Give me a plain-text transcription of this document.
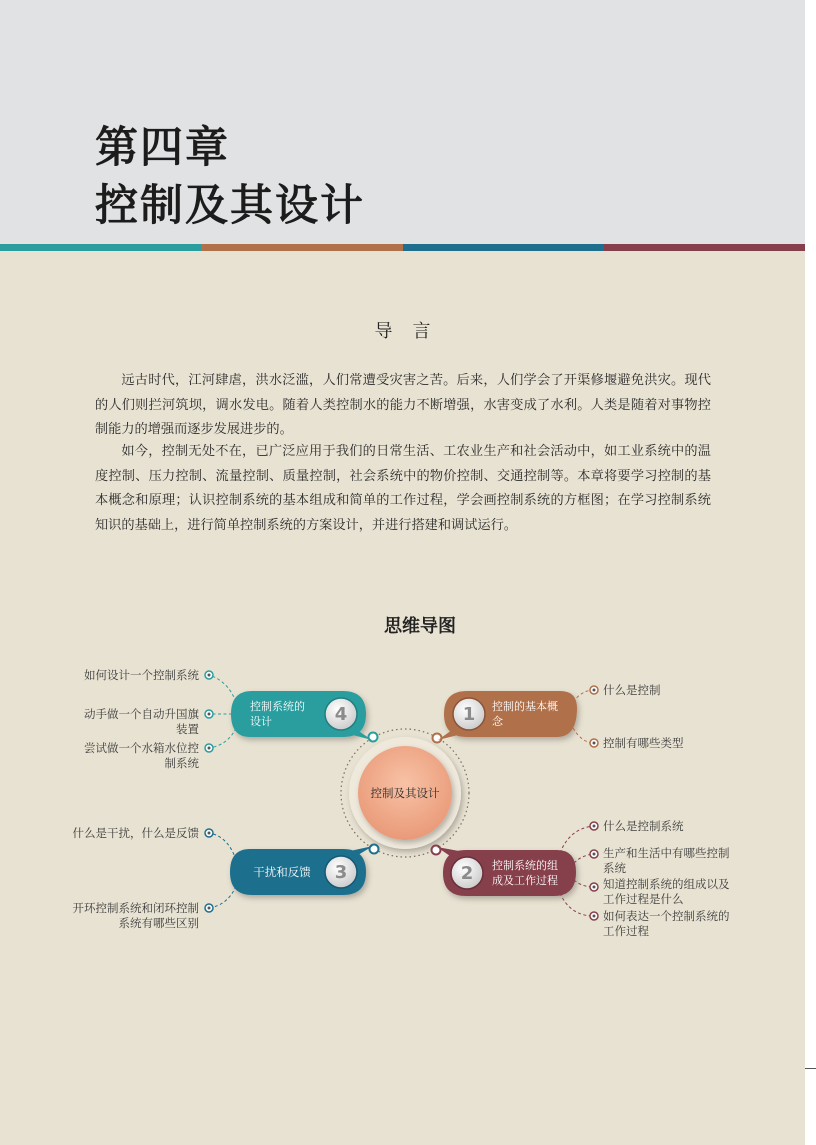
第四章
控制及其设计
导言
远古时代，江河肆虐，洪水泛滥，人们常遭受灾害之苦。后来，人们学会了开渠修堰避免洪灾。现代的人们则拦河筑坝，调水发电。随着人类控制水的能力不断增强，水害变成了水利。人类是随着对事物控制能力的增强而逐步发展进步的。
如今，控制无处不在，已广泛应用于我们的日常生活、工农业生产和社会活动中，如工业系统中的温度控制、压力控制、流量控制、质量控制，社会系统中的物价控制、交通控制等。本章将要学习控制的基本概念和原理；认识控制系统的基本组成和简单的工作过程，学会画控制系统的方框图；在学习控制系统知识的基础上，进行简单控制系统的方案设计，并进行搭建和调试运行。
思维导图
控制及其设计
1 控制的基本概
念
2 控制系统的组
成及工作过程
3
干扰和反馈
4
控制系统的
设计
什么是控制
控制有哪些类型
什么是控制系统
生产和生活中有哪些控制
系统
知道控制系统的组成以及
工作过程是什么
如何表达一个控制系统的
工作过程
如何设计一个控制系统
动手做一个自动升国旗
装置
尝试做一个水箱水位控
制系统
什么是干扰，什么是反馈
开环控制系统和闭环控制
系统有哪些区别
